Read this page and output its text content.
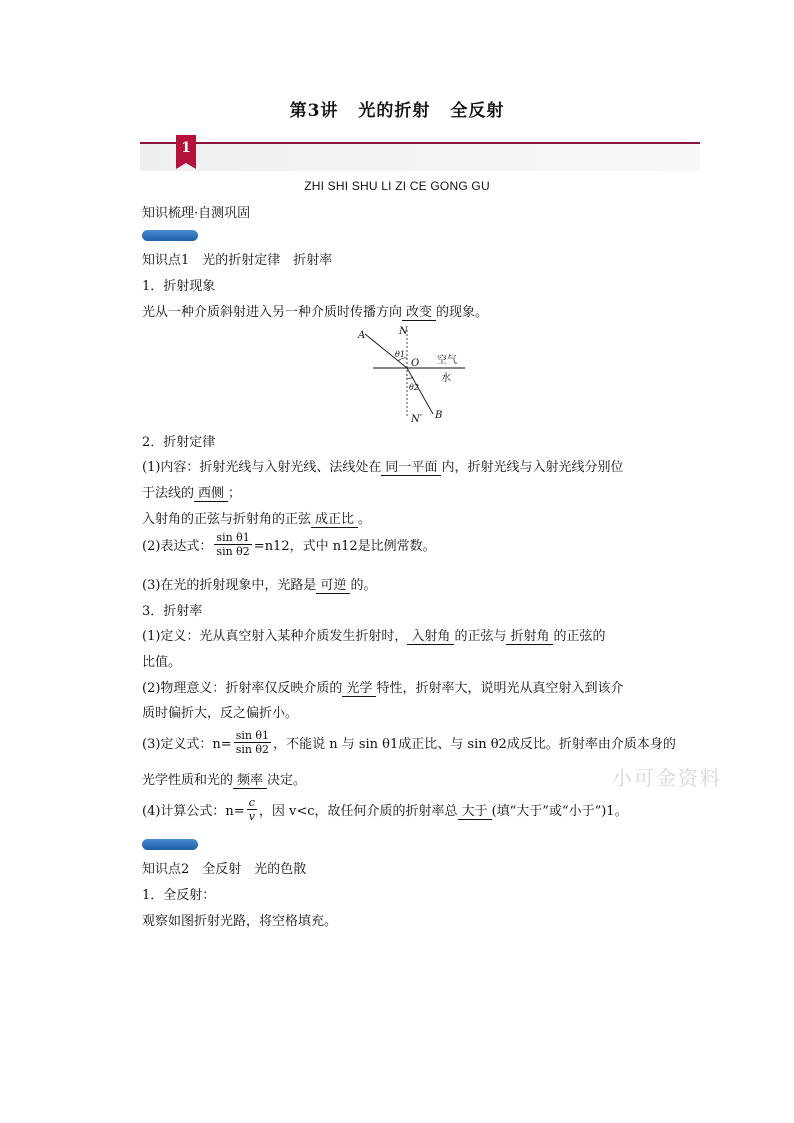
第3讲 光的折射 全反射
1
ZHI SHI SHU LI ZI CE GONG GU
知识梳理·自测巩固
知识点1　光的折射定律　折射率
1．折射现象
光从一种介质斜射进入另一种介质时传播方向 改变 的现象。
A	N
O
θ1
空气
水
θ2
N′ B
2．折射定律
(1)内容：折射光线与入射光线、法线处在 同一平面 内，折射光线与入射光线分别位
于法线的 西侧 ；
入射角的正弦与折射角的正弦 成正比 。
(2)表达式： $\frac{\text{sin θ1}}{\text{sin θ2}} =n12$，式中 n12是比例常数。
(3)在光的折射现象中，光路是 可逆 的。
3．折射率
(1)定义：光从真空射入某种介质发生折射时， 入射角 的正弦与 折射角 的正弦的
比值。
(2)物理意义：折射率仅反映介质的 光学 特性，折射率大，说明光从真空射入到该介
质时偏折大，反之偏折小。
(3)定义式：$n= \frac{\text{sin θ1}}{\text{sin θ2}}$ ，不能说 n 与 sin θ1成正比、与 sin θ2成反比。折射率由介质本身的
光学性质和光的 频率 决定。
(4)计算公式：$n= \frac{c}{v}$ ，因 v<c，故任何介质的折射率总 大于 (填“大于”或“小于”)1。
知识点2　全反射　光的色散
1．全反射：
观察如图折射光路，将空格填充。
小可金资料
